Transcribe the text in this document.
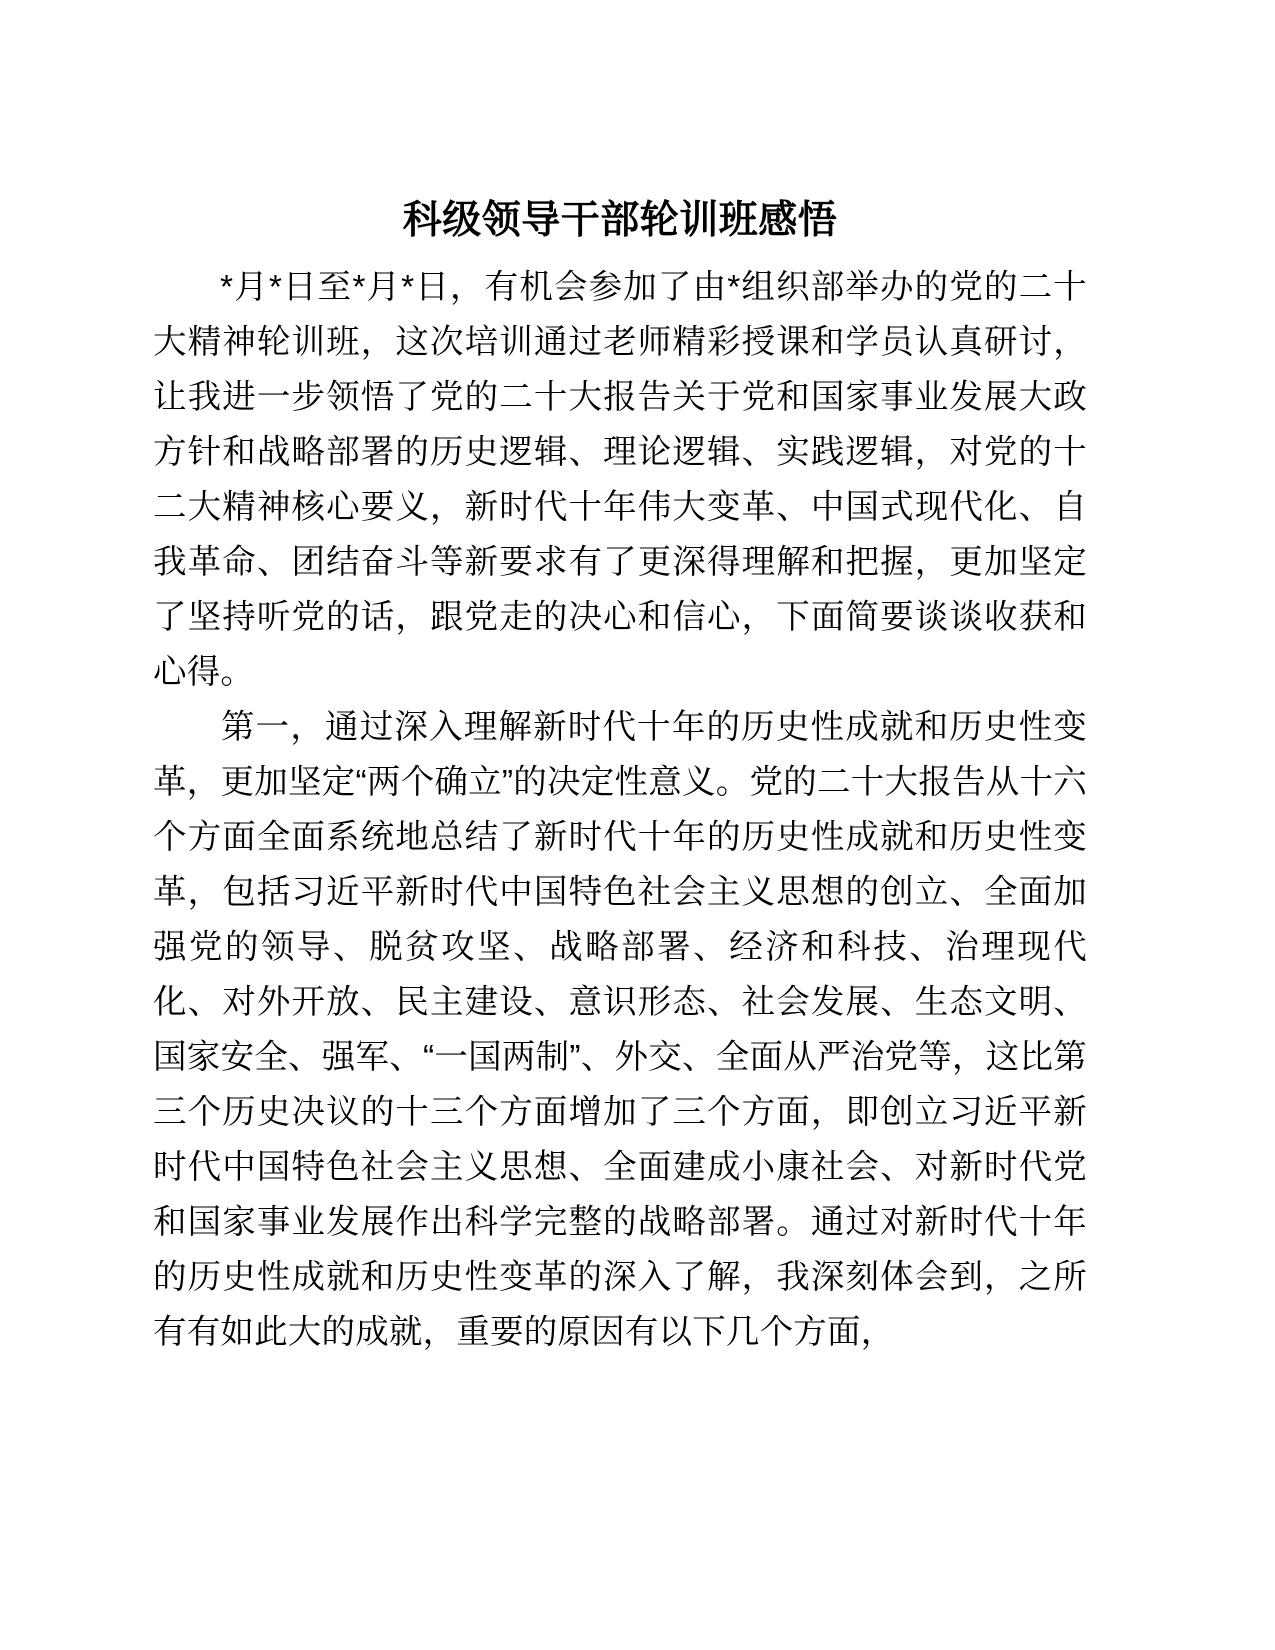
科级领导干部轮训班感悟

*月*日至*月*日，有机会参加了由*组织部举办的党的二十大精神轮训班，这次培训通过老师精彩授课和学员认真研讨，让我进一步领悟了党的二十大报告关于党和国家事业发展大政方针和战略部署的历史逻辑、理论逻辑、实践逻辑，对党的十二大精神核心要义，新时代十年伟大变革、中国式现代化、自我革命、团结奋斗等新要求有了更深得理解和把握，更加坚定了坚持听党的话，跟党走的决心和信心，下面简要谈谈收获和心得。

第一，通过深入理解新时代十年的历史性成就和历史性变革，更加坚定“两个确立”的决定性意义。党的二十大报告从十六个方面全面系统地总结了新时代十年的历史性成就和历史性变革，包括习近平新时代中国特色社会主义思想的创立、全面加强党的领导、脱贫攻坚、战略部署、经济和科技、治理现代化、对外开放、民主建设、意识形态、社会发展、生态文明、国家安全、强军、“一国两制”、外交、全面从严治党等，这比第三个历史决议的十三个方面增加了三个方面，即创立习近平新时代中国特色社会主义思想、全面建成小康社会、对新时代党和国家事业发展作出科学完整的战略部署。通过对新时代十年的历史性成就和历史性变革的深入了解，我深刻体会到，之所有有如此大的成就，重要的原因有以下几个方面，
